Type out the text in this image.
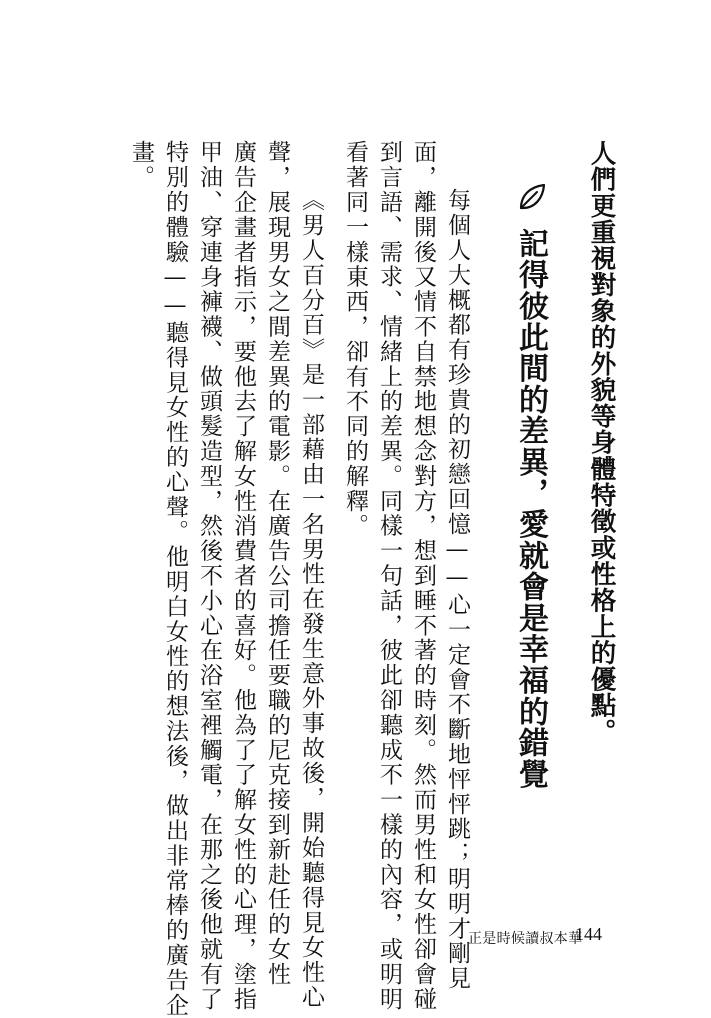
人們更重視對象的外貌等身體特徵或性格上的優點。

記得彼此間的差異，愛就會是幸福的錯覺

每個人大概都有珍貴的初戀回憶——心一定會不斷地怦怦跳；明明才剛見

面，離開後又情不自禁地想念對方，想到睡不著的時刻。然而男性和女性卻會碰

到言語、需求、情緒上的差異。同樣一句話，彼此卻聽成不一樣的內容，或明明

看著同一樣東西，卻有不同的解釋。

《男人百分百》是一部藉由一名男性在發生意外事故後，開始聽得見女性心

聲，展現男女之間差異的電影。在廣告公司擔任要職的尼克接到新赴任的女性

廣告企畫者指示，要他去了解女性消費者的喜好。他為了了解女性的心理，塗指

甲油、穿連身褲襪、做頭髮造型，然後不小心在浴室裡觸電，在那之後他就有了

特別的體驗——聽得見女性的心聲。他明白女性的想法後，做出非常棒的廣告企

畫。

正是時候讀叔本華
144
